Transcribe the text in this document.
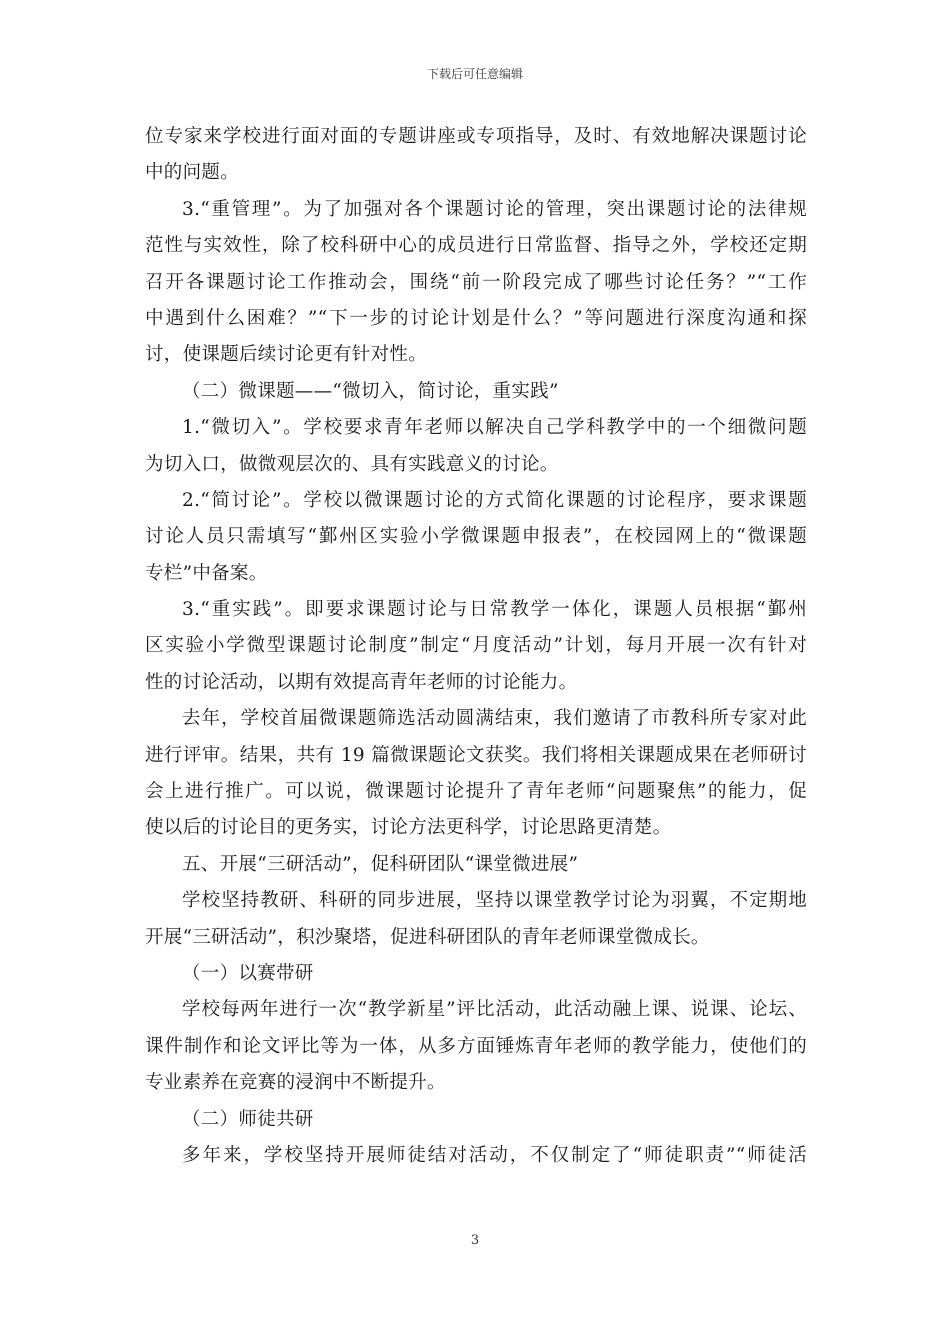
下载后可任意编辑
位专家来学校进行面对面的专题讲座或专项指导，及时、有效地解决课题讨论
中的问题。
3.“重管理”。为了加强对各个课题讨论的管理，突出课题讨论的法律规
范性与实效性，除了校科研中心的成员进行日常监督、指导之外，学校还定期
召开各课题讨论工作推动会，围绕“前一阶段完成了哪些讨论任务？”“工作
中遇到什么困难？”“下一步的讨论计划是什么？”等问题进行深度沟通和探
讨，使课题后续讨论更有针对性。
（二）微课题——“微切入，简讨论，重实践”
1.“微切入”。学校要求青年老师以解决自己学科教学中的一个细微问题
为切入口，做微观层次的、具有实践意义的讨论。
2.“简讨论”。学校以微课题讨论的方式简化课题的讨论程序，要求课题
讨论人员只需填写“鄞州区实验小学微课题申报表”，在校园网上的“微课题
专栏”中备案。
3.“重实践”。即要求课题讨论与日常教学一体化，课题人员根据“鄞州
区实验小学微型课题讨论制度”制定“月度活动”计划，每月开展一次有针对
性的讨论活动，以期有效提高青年老师的讨论能力。
去年，学校首届微课题筛选活动圆满结束，我们邀请了市教科所专家对此
进行评审。结果，共有 19 篇微课题论文获奖。我们将相关课题成果在老师研讨
会上进行推广。可以说，微课题讨论提升了青年老师“问题聚焦”的能力，促
使以后的讨论目的更务实，讨论方法更科学，讨论思路更清楚。
五、开展“三研活动”，促科研团队“课堂微进展”
学校坚持教研、科研的同步进展，坚持以课堂教学讨论为羽翼，不定期地
开展“三研活动”，积沙聚塔，促进科研团队的青年老师课堂微成长。
（一）以赛带研
学校每两年进行一次“教学新星”评比活动，此活动融上课、说课、论坛、
课件制作和论文评比等为一体，从多方面锤炼青年老师的教学能力，使他们的
专业素养在竞赛的浸润中不断提升。
（二）师徒共研
多年来，学校坚持开展师徒结对活动，不仅制定了“师徒职责”“师徒活
3
